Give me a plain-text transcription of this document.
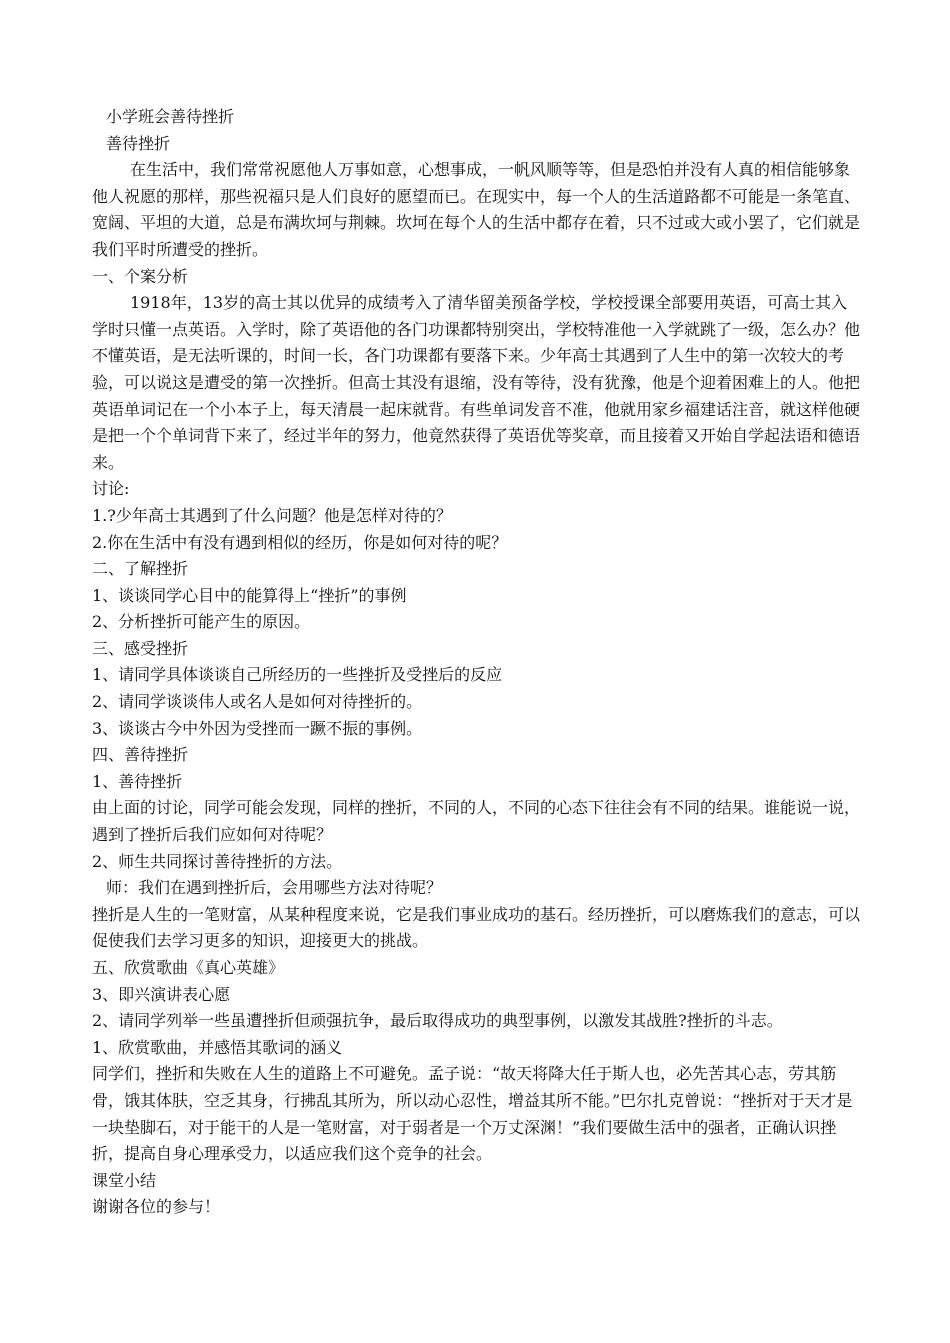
小学班会善待挫折

善待挫折

在生活中，我们常常祝愿他人万事如意，心想事成，一帆风顺等等，但是恐怕并没有人真的相信能够象他人祝愿的那样，那些祝福只是人们良好的愿望而已。在现实中，每一个人的生活道路都不可能是一条笔直、宽阔、平坦的大道，总是布满坎坷与荆棘。坎坷在每个人的生活中都存在着，只不过或大或小罢了，它们就是我们平时所遭受的挫折。

一、个案分析

1918年，13岁的高士其以优异的成绩考入了清华留美预备学校，学校授课全部要用英语，可高士其入学时只懂一点英语。入学时，除了英语他的各门功课都特别突出，学校特准他一入学就跳了一级，怎么办？他不懂英语，是无法听课的，时间一长，各门功课都有要落下来。少年高士其遇到了人生中的第一次较大的考验，可以说这是遭受的第一次挫折。但高士其没有退缩，没有等待，没有犹豫，他是个迎着困难上的人。他把英语单词记在一个小本子上，每天清晨一起床就背。有些单词发音不准，他就用家乡福建话注音，就这样他硬是把一个个单词背下来了，经过半年的努力，他竟然获得了英语优等奖章，而且接着又开始自学起法语和德语来。

讨论:

1.?少年高士其遇到了什么问题？他是怎样对待的？

2.你在生活中有没有遇到相似的经历，你是如何对待的呢？

二、了解挫折

1、谈谈同学心目中的能算得上“挫折”的事例

2、分析挫折可能产生的原因。

三、感受挫折

1、请同学具体谈谈自己所经历的一些挫折及受挫后的反应

2、请同学谈谈伟人或名人是如何对待挫折的。

3、谈谈古今中外因为受挫而一蹶不振的事例。

四、善待挫折

1、善待挫折

由上面的讨论，同学可能会发现，同样的挫折，不同的人，不同的心态下往往会有不同的结果。谁能说一说，遇到了挫折后我们应如何对待呢？

2、师生共同探讨善待挫折的方法。

师：我们在遇到挫折后，会用哪些方法对待呢？

挫折是人生的一笔财富，从某种程度来说，它是我们事业成功的基石。经历挫折，可以磨炼我们的意志，可以促使我们去学习更多的知识，迎接更大的挑战。

五、欣赏歌曲《真心英雄》

3、即兴演讲表心愿

2、请同学列举一些虽遭挫折但顽强抗争，最后取得成功的典型事例，以激发其战胜?挫折的斗志。

1、欣赏歌曲，并感悟其歌词的涵义

同学们，挫折和失败在人生的道路上不可避免。孟子说：“故天将降大任于斯人也，必先苦其心志，劳其筋骨，饿其体肤，空乏其身，行拂乱其所为，所以动心忍性，增益其所不能。”巴尔扎克曾说：“挫折对于天才是一块垫脚石，对于能干的人是一笔财富，对于弱者是一个万丈深渊！”我们要做生活中的强者，正确认识挫折，提高自身心理承受力，以适应我们这个竞争的社会。

课堂小结

谢谢各位的参与！
